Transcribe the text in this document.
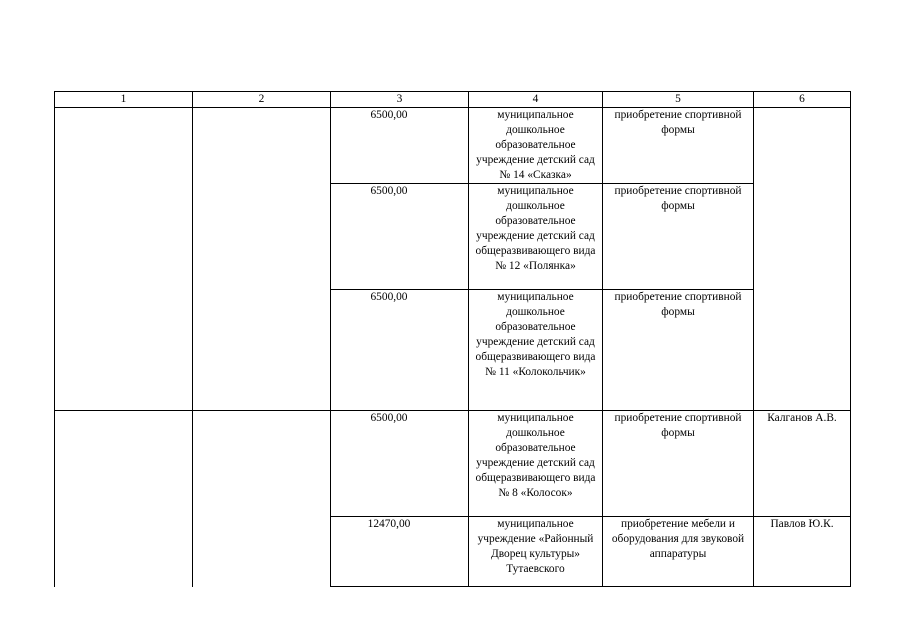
1	2	3	4	5	6
		6500,00	муниципальное дошкольное образовательное учреждение детский сад № 14 «Сказка»	приобретение спортивной формы	
		6500,00	муниципальное дошкольное образовательное учреждение детский сад общеразвивающего вида № 12 «Полянка»	приобретение спортивной формы	
		6500,00	муниципальное дошкольное образовательное учреждение детский сад общеразвивающего вида № 11 «Колокольчик»	приобретение спортивной формы	
		6500,00	муниципальное дошкольное образовательное учреждение детский сад общеразвивающего вида № 8 «Колосок»	приобретение спортивной формы	Калганов А.В.
		12470,00	муниципальное учреждение «Районный Дворец культуры» Тутаевского	приобретение мебели и оборудования для звуковой аппаратуры	Павлов Ю.К.
